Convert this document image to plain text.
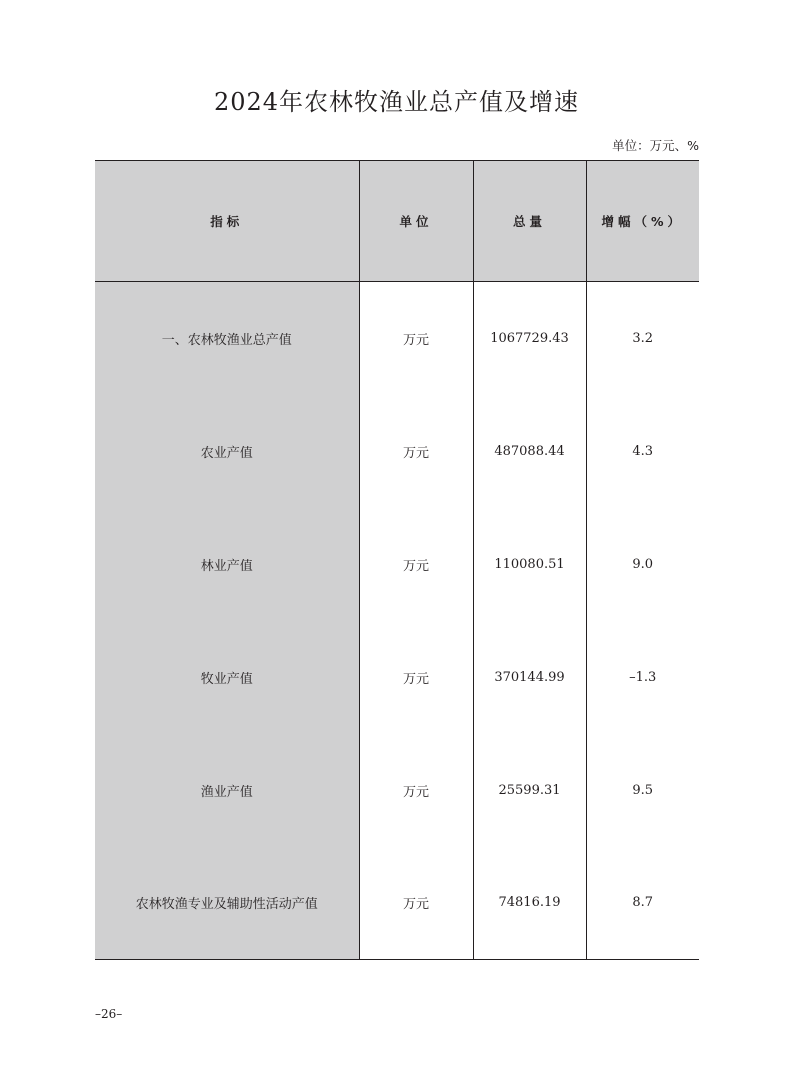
2024年农林牧渔业总产值及增速
单位：万元、%
指标	单位	总量	增幅（%）
一、农林牧渔业总产值	万元	1067729.43	3.2
农业产值	万元	487088.44	4.3
林业产值	万元	110080.51	9.0
牧业产值	万元	370144.99	–1.3
渔业产值	万元	25599.31	9.5
农林牧渔专业及辅助性活动产值	万元	74816.19	8.7
–26–
